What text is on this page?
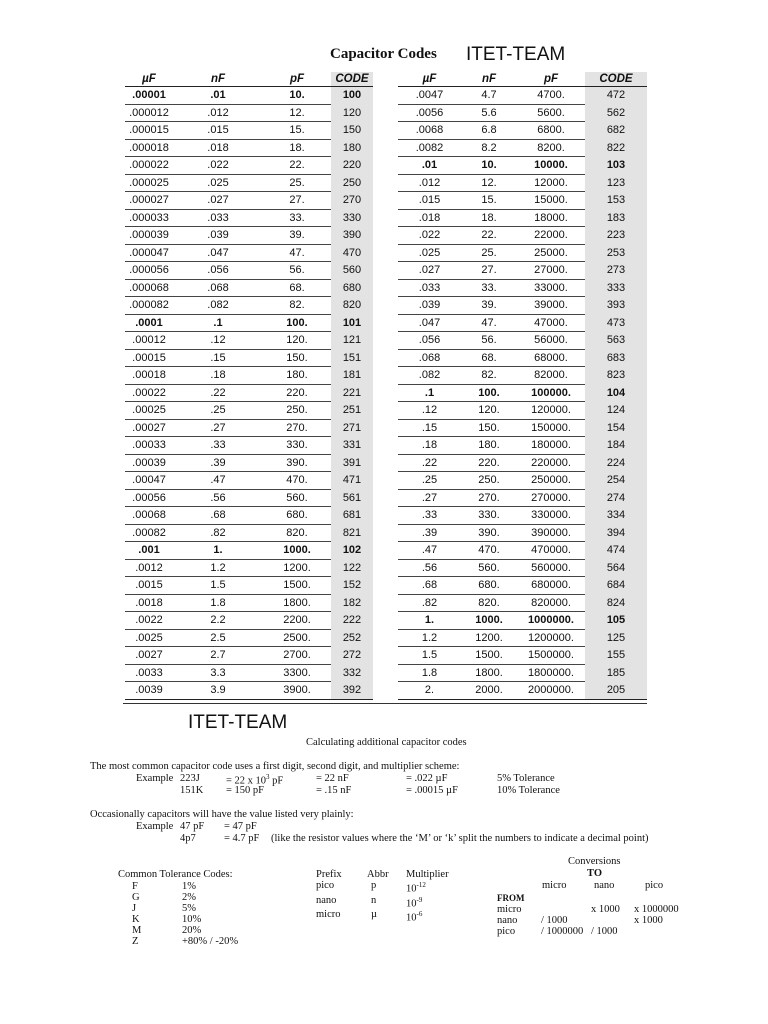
Capacitor Codes ITET-TEAM
µF	nF	pF	CODE
.00001	.01	10.	100
.000012	.012	12.	120
.000015	.015	15.	150
.000018	.018	18.	180
.000022	.022	22.	220
.000025	.025	25.	250
.000027	.027	27.	270
.000033	.033	33.	330
.000039	.039	39.	390
.000047	.047	47.	470
.000056	.056	56.	560
.000068	.068	68.	680
.000082	.082	82.	820
.0001	.1	100.	101
.00012	.12	120.	121
.00015	.15	150.	151
.00018	.18	180.	181
.00022	.22	220.	221
.00025	.25	250.	251
.00027	.27	270.	271
.00033	.33	330.	331
.00039	.39	390.	391
.00047	.47	470.	471
.00056	.56	560.	561
.00068	.68	680.	681
.00082	.82	820.	821
.001	1.	1000.	102
.0012	1.2	1200.	122
.0015	1.5	1500.	152
.0018	1.8	1800.	182
.0022	2.2	2200.	222
.0025	2.5	2500.	252
.0027	2.7	2700.	272
.0033	3.3	3300.	332
.0039	3.9	3900.	392
µF	nF	pF	CODE
.0047	4.7	4700.	472
.0056	5.6	5600.	562
.0068	6.8	6800.	682
.0082	8.2	8200.	822
.01	10.	10000.	103
.012	12.	12000.	123
.015	15.	15000.	153
.018	18.	18000.	183
.022	22.	22000.	223
.025	25.	25000.	253
.027	27.	27000.	273
.033	33.	33000.	333
.039	39.	39000.	393
.047	47.	47000.	473
.056	56.	56000.	563
.068	68.	68000.	683
.082	82.	82000.	823
.1	100.	100000.	104
.12	120.	120000.	124
.15	150.	150000.	154
.18	180.	180000.	184
.22	220.	220000.	224
.25	250.	250000.	254
.27	270.	270000.	274
.33	330.	330000.	334
.39	390.	390000.	394
.47	470.	470000.	474
.56	560.	560000.	564
.68	680.	680000.	684
.82	820.	820000.	824
1.	1000.	1000000.	105
1.2	1200.	1200000.	125
1.5	1500.	1500000.	155
1.8	1800.	1800000.	185
2.	2000.	2000000.	205
ITET-TEAM
Calculating additional capacitor codes
The most common capacitor code uses a first digit, second digit, and multiplier scheme:
Example 223J = 22 x $10^3$ pF	= 22 nF	= .022 µF	5% Tolerance
151K = 150 pF	= .15 nF	= .00015 µF	10% Tolerance
Occasionally capacitors will have the value listed very plainly:
Example 47 pF = 47 pF
4p7	= 4.7 pF (like the resistor values where the ‘M’ or ‘k’ split the numbers to indicate a decimal point)
Common Tolerance Codes:
F	1%
G	2%
J	5%
K	10%
M	20%
Z	+80% / -20%
Prefix	Abbr	Multiplier
pico	p	$10^{-12}$
nano	n	$10^{-9}$
micro	µ	$10^{-6}$
Conversions
TO
micro	nano	pico
FROM
micro		x 1000	x 1000000
nano	/ 1000		x 1000
pico	/ 1000000	/ 1000	
